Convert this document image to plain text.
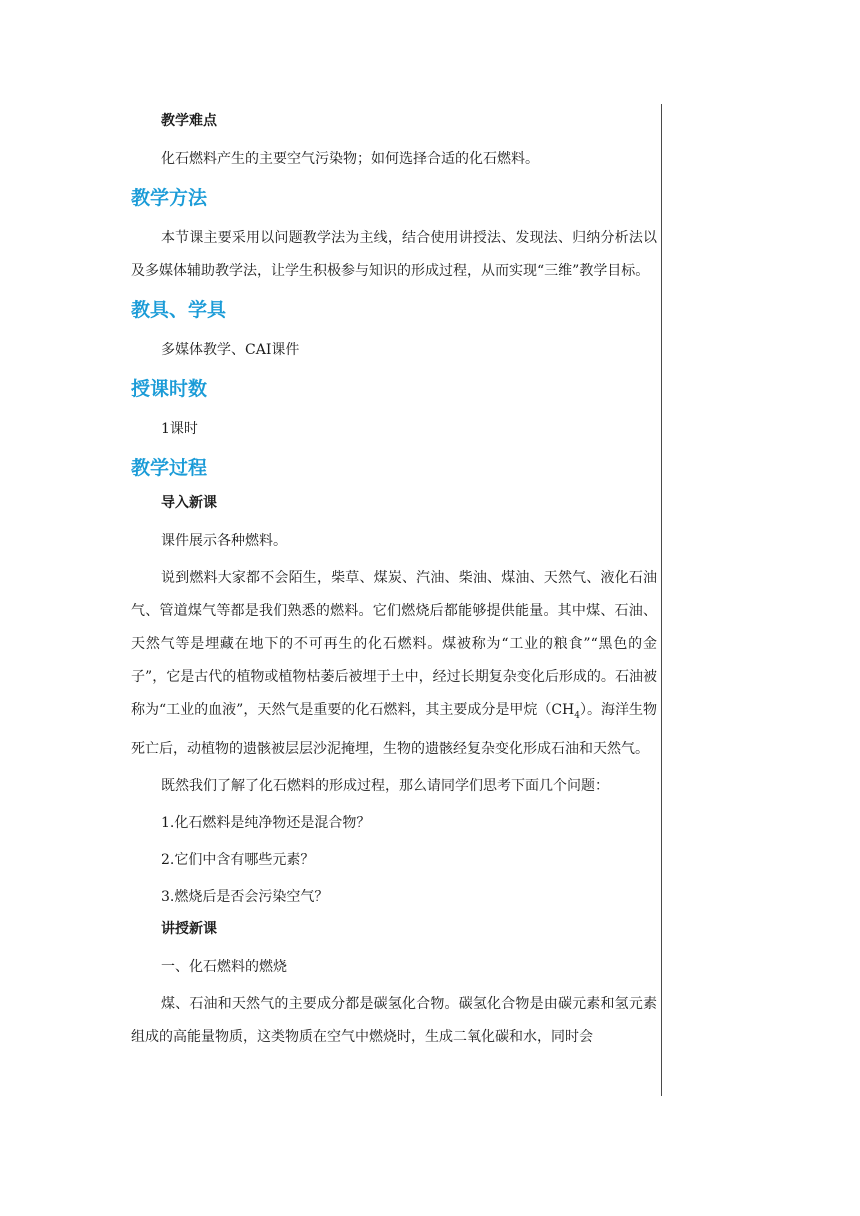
教学难点

化石燃料产生的主要空气污染物；如何选择合适的化石燃料。

教学方法

本节课主要采用以问题教学法为主线，结合使用讲授法、发现法、归纳分析法以及多媒体辅助教学法，让学生积极参与知识的形成过程，从而实现“三维”教学目标。

教具、学具

多媒体教学、CAI课件

授课时数

1课时

教学过程
导入新课

课件展示各种燃料。

说到燃料大家都不会陌生，柴草、煤炭、汽油、柴油、煤油、天然气、液化石油气、管道煤气等都是我们熟悉的燃料。它们燃烧后都能够提供能量。其中煤、石油、天然气等是埋藏在地下的不可再生的化石燃料。煤被称为“工业的粮食”“黑色的金子”，它是古代的植物或植物枯萎后被埋于土中，经过长期复杂变化后形成的。石油被称为“工业的血液”，天然气是重要的化石燃料，其主要成分是甲烷$(CH_4)$。海洋生物死亡后，动植物的遗骸被层层沙泥掩埋，生物的遗骸经复杂变化形成石油和天然气。

既然我们了解了化石燃料的形成过程，那么请同学们思考下面几个问题：

1.化石燃料是纯净物还是混合物？

2.它们中含有哪些元素？

3.燃烧后是否会污染空气？

讲授新课

一、化石燃料的燃烧

煤、石油和天然气的主要成分都是碳氢化合物。碳氢化合物是由碳元素和氢元素组成的高能量物质，这类物质在空气中燃烧时，生成二氧化碳和水，同时会
